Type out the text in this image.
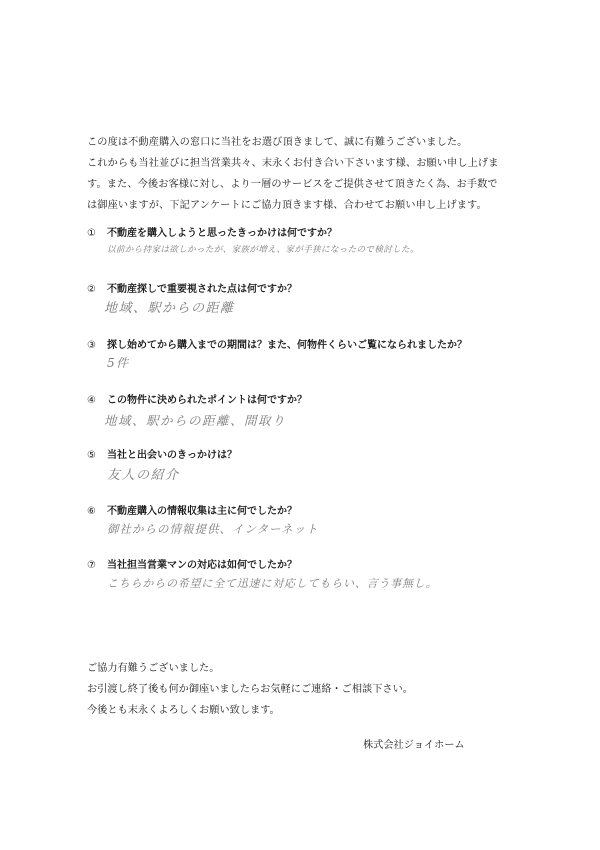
この度は不動産購入の窓口に当社をお選び頂きまして、誠に有難うございました。

これからも当社並びに担当営業共々、末永くお付き合い下さいます様、お願い申し上げま

す。また、今後お客様に対し、より一層のサービスをご提供させて頂きたく為、お手数で

は御座いますが、下記アンケートにご協力頂きます様、合わせてお願い申し上げます。

① 不動産を購入しようと思ったきっかけは何ですか？
以前から持家は欲しかったが、家族が増え、家が手狭になったので検討した。
② 不動産探しで重要視された点は何ですか？
地域、駅からの距離
③ 探し始めてから購入までの期間は？また、何物件くらいご覧になられましたか？
5件
④ この物件に決められたポイントは何ですか？
地域、駅からの距離、間取り
⑤ 当社と出会いのきっかけは？
友人の紹介
⑥ 不動産購入の情報収集は主に何でしたか？
御社からの情報提供、インターネット
⑦ 当社担当営業マンの対応は如何でしたか？
こちらからの希望に全て迅速に対応してもらい、言う事無し。

ご協力有難うございました。

お引渡し終了後も何か御座いましたらお気軽にご連絡・ご相談下さい。

今後とも末永くよろしくお願い致します。

株式会社ジョイホーム
